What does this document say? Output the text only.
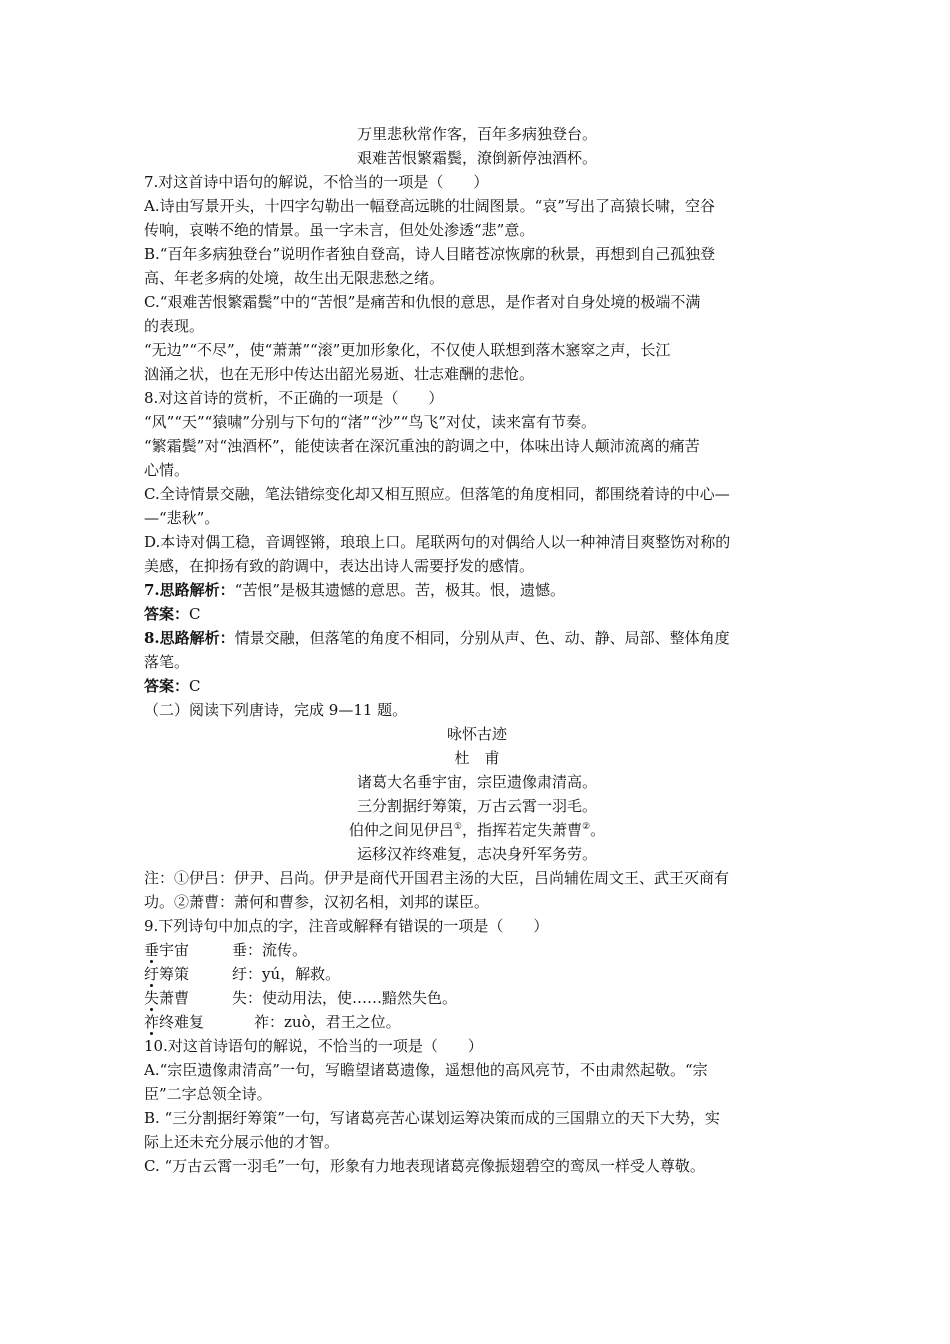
万里悲秋常作客，百年多病独登台。
艰难苦恨繁霜鬓，潦倒新停浊酒杯。
7.对这首诗中语句的解说，不恰当的一项是（　　）
A.诗由写景开头，十四字勾勒出一幅登高远眺的壮阔图景。“哀”写出了高猿长啸，空谷
传响，哀啭不绝的情景。虽一字未言，但处处渗透“悲”意。
B.“百年多病独登台”说明作者独自登高，诗人目睹苍凉恢廓的秋景，再想到自己孤独登
高、年老多病的处境，故生出无限悲愁之绪。
C.“艰难苦恨繁霜鬓”中的“苦恨”是痛苦和仇恨的意思，是作者对自身处境的极端不满
的表现。
“无边”“不尽”，使“萧萧”“滚”更加形象化，不仅使人联想到落木窸窣之声，长江
汹涌之状，也在无形中传达出韶光易逝、壮志难酬的悲怆。
8.对这首诗的赏析，不正确的一项是（　　）
“风”“天”“猿啸”分别与下句的“渚”“沙”“鸟飞”对仗，读来富有节奏。
“繁霜鬓”对“浊酒杯”，能使读者在深沉重浊的韵调之中，体味出诗人颠沛流离的痛苦
心情。
C.全诗情景交融，笔法错综变化却又相互照应。但落笔的角度相同，都围绕着诗的中心—
—“悲秋”。
D.本诗对偶工稳，音调铿锵，琅琅上口。尾联两句的对偶给人以一种神清目爽整饬对称的
美感，在抑扬有致的韵调中，表达出诗人需要抒发的感情。
7.思路解析：“苦恨”是极其遗憾的意思。苦，极其。恨，遗憾。
答案：C
8.思路解析：情景交融，但落笔的角度不相同，分别从声、色、动、静、局部、整体角度
落笔。
答案：C
（二）阅读下列唐诗，完成 9—11 题。
咏怀古迹
杜　甫
诸葛大名垂宇宙，宗臣遗像肃清高。
三分割据纡筹策，万古云霄一羽毛。
伯仲之间见伊吕①，指挥若定失萧曹②。
运移汉祚终难复，志决身歼军务劳。
注：①伊吕：伊尹、吕尚。伊尹是商代开国君主汤的大臣，吕尚辅佐周文王、武王灭商有
功。②萧曹：萧何和曹参，汉初名相，刘邦的谋臣。
9.下列诗句中加点的字，注音或解释有错误的一项是（　　）
垂宇宙	垂：流传。
纡筹策	纡：yú，解救。
失萧曹	失：使动用法，使……黯然失色。
祚终难复	祚：zuò，君王之位。
10.对这首诗语句的解说，不恰当的一项是（　　）
A.“宗臣遗像肃清高”一句，写瞻望诸葛遗像，遥想他的高风亮节，不由肃然起敬。“宗
臣”二字总领全诗。
B. “三分割据纡筹策”一句，写诸葛亮苦心谋划运筹决策而成的三国鼎立的天下大势，实
际上还未充分展示他的才智。
C. “万古云霄一羽毛”一句，形象有力地表现诸葛亮像振翅碧空的鸾凤一样受人尊敬。
